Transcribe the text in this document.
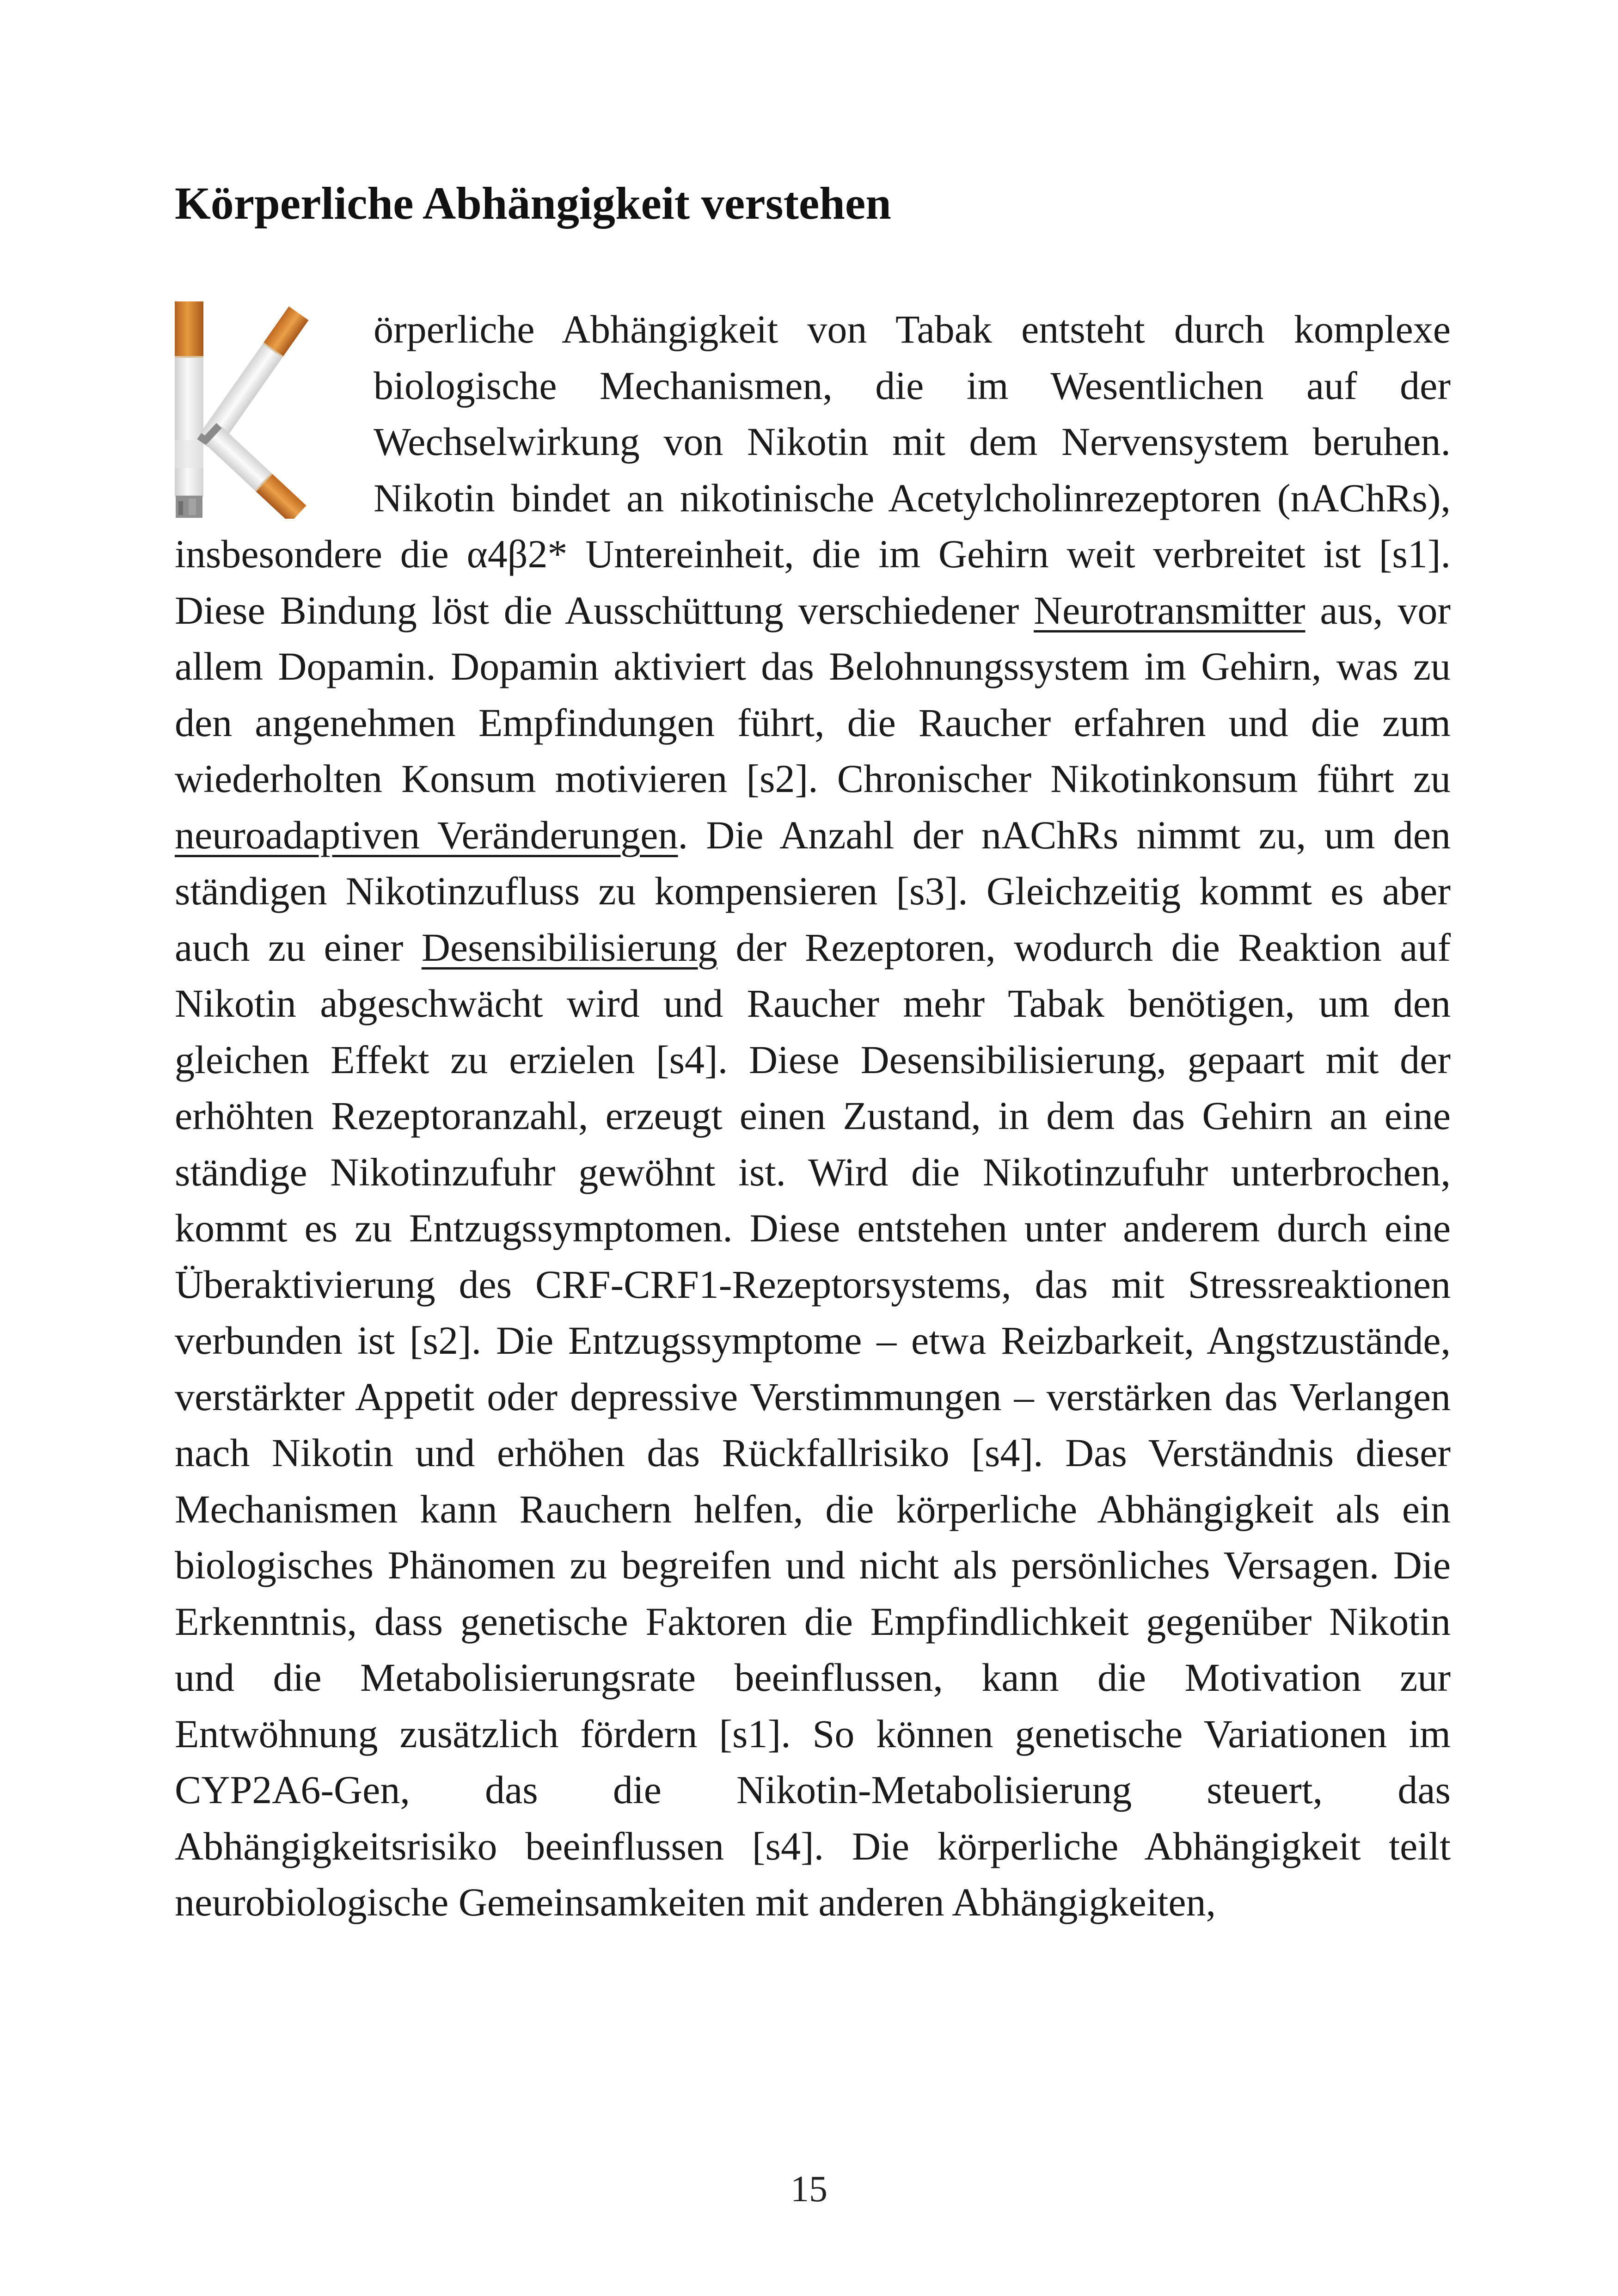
Körperliche Abhängigkeit verstehen

örperliche Abhängigkeit von Tabak entsteht durch komplexe biologische Mechanismen, die im Wesentlichen auf der Wechselwirkung von Nikotin mit dem Nervensystem beruhen. Nikotin bindet an nikotinische Acetylcholinrezeptoren (nAChRs), insbesondere die α4β2* Untereinheit, die im Gehirn weit verbreitet ist [s1]. Diese Bindung löst die Ausschüttung verschiedener Neurotransmitter aus, vor allem Dopamin. Dopamin aktiviert das Belohnungssystem im Gehirn, was zu den angenehmen Empfindungen führt, die Raucher erfahren und die zum wiederholten Konsum motivieren [s2]. Chronischer Nikotinkonsum führt zu neuroadaptiven Veränderungen. Die Anzahl der nAChRs nimmt zu, um den ständigen Nikotinzufluss zu kompensieren [s3]. Gleichzeitig kommt es aber auch zu einer Desensibilisierung der Rezeptoren, wodurch die Reaktion auf Nikotin abgeschwächt wird und Raucher mehr Tabak benötigen, um den gleichen Effekt zu erzielen [s4]. Diese Desensibilisierung, gepaart mit der erhöhten Rezeptoranzahl, erzeugt einen Zustand, in dem das Gehirn an eine ständige Nikotinzufuhr gewöhnt ist. Wird die Nikotinzufuhr unterbrochen, kommt es zu Entzugssymptomen. Diese entstehen unter anderem durch eine Überaktivierung des CRF-CRF1-Rezeptorsystems, das mit Stressreaktionen verbunden ist [s2]. Die Entzugssymptome – etwa Reizbarkeit, Angstzustände, verstärkter Appetit oder depressive Verstimmungen – verstärken das Verlangen nach Nikotin und erhöhen das Rückfallrisiko [s4]. Das Verständnis dieser Mechanismen kann Rauchern helfen, die körperliche Abhängigkeit als ein biologisches Phänomen zu begreifen und nicht als persönliches Versagen. Die Erkenntnis, dass genetische Faktoren die Empfindlichkeit gegenüber Nikotin und die Metabolisierungsrate beeinflussen, kann die Motivation zur Entwöhnung zusätzlich fördern [s1]. So können genetische Variationen im CYP2A6-Gen, das die Nikotin-Metabolisierung steuert, das Abhängigkeitsrisiko beeinflussen [s4]. Die körperliche Abhängigkeit teilt neurobiologische Gemeinsamkeiten mit anderen Abhängigkeiten,

15
